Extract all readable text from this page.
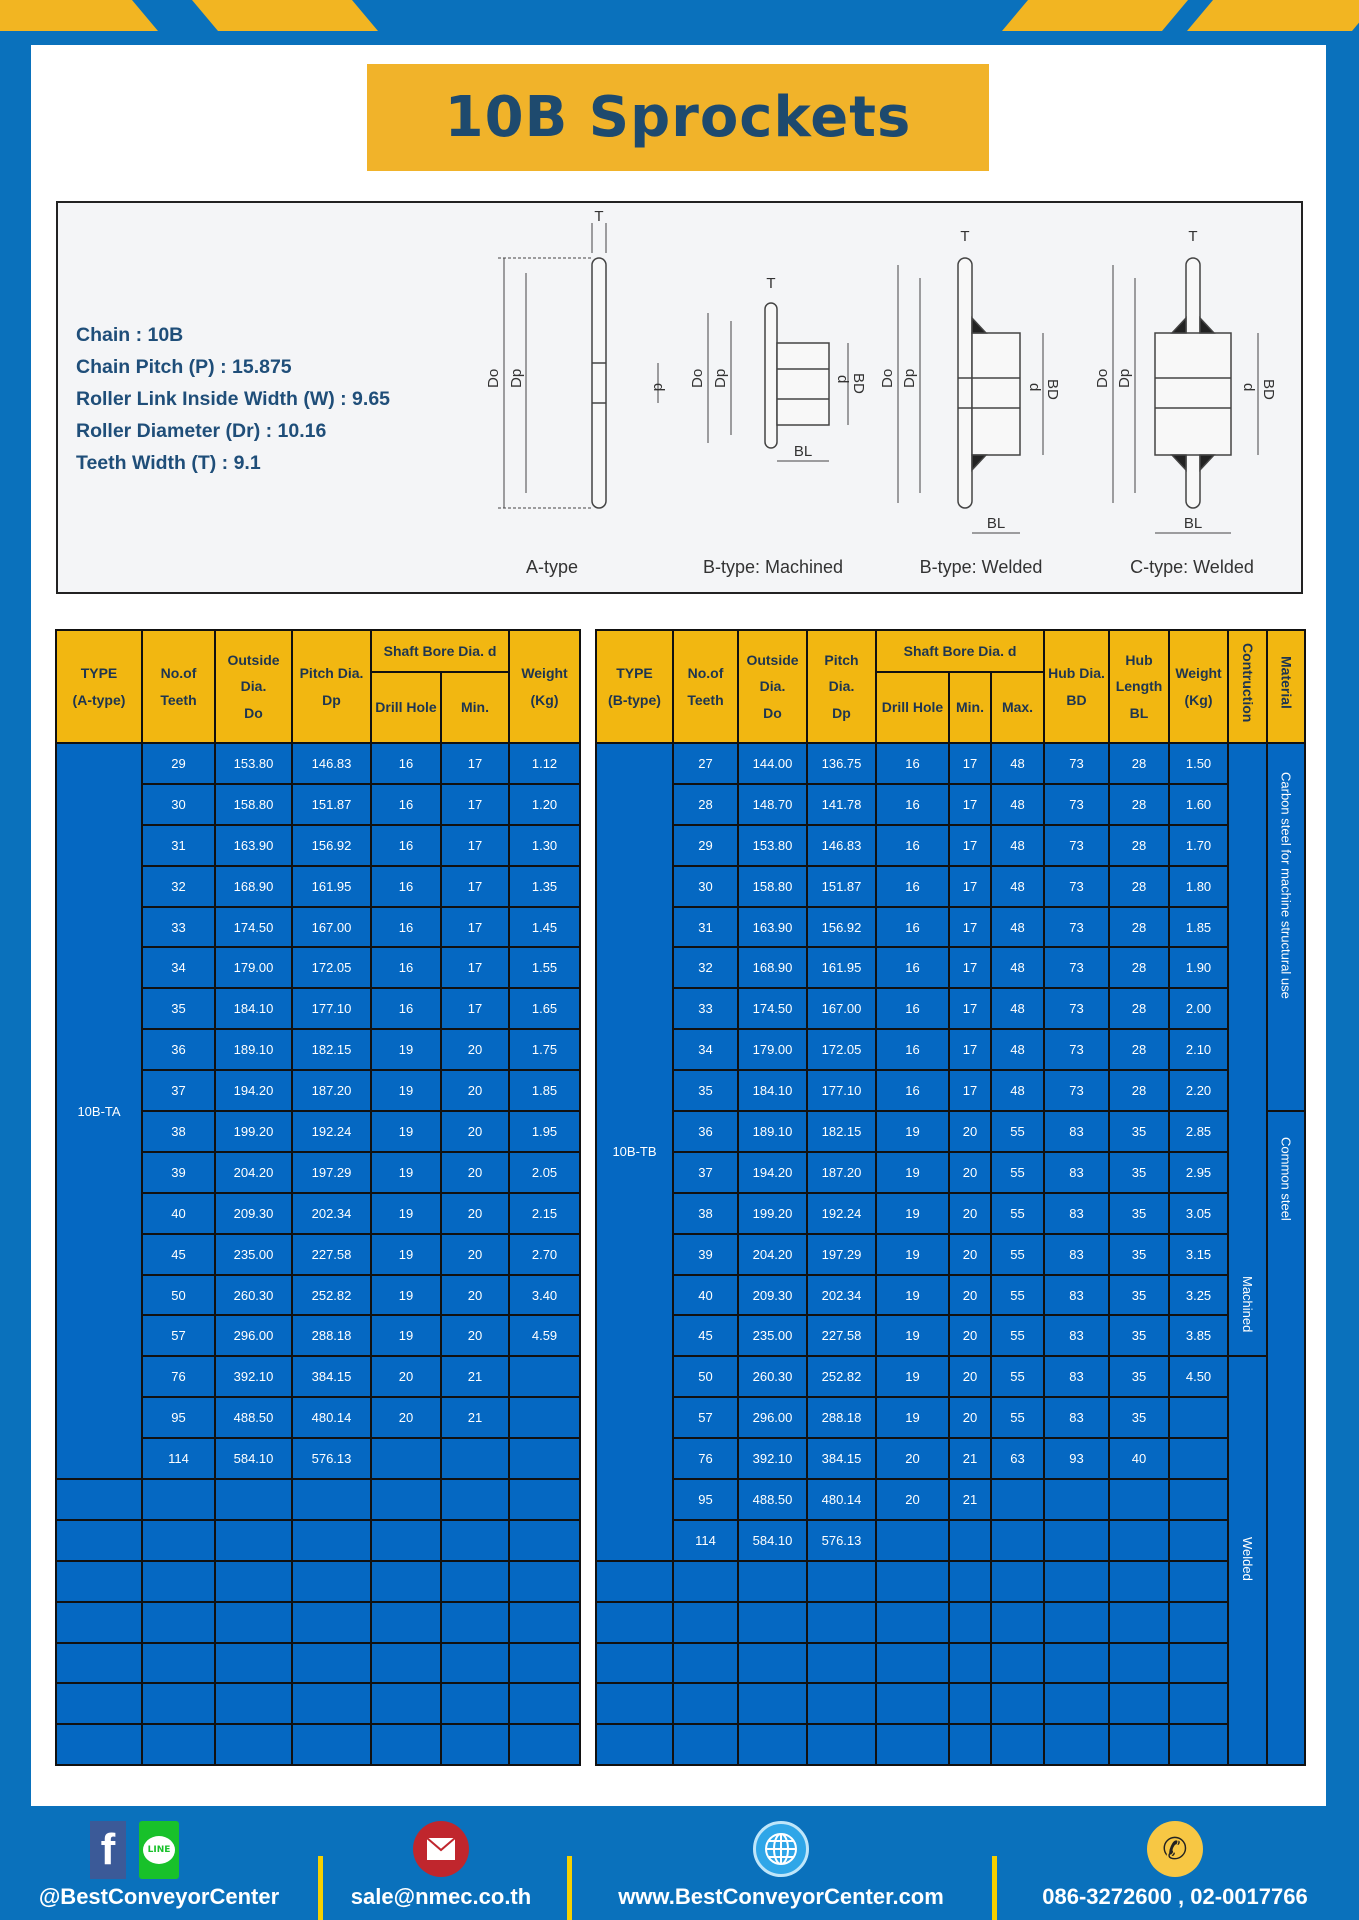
10B Sprockets
Chain : 10B
Chain Pitch (P) : 15.875
Roller Link Inside Width (W) : 9.65
Roller Diameter (Dr) : 10.16
Teeth Width (T) : 9.1
T
Do Dp	d
T
Do Dp	d BD
BL
T
Do Dp	d BD
BL
T
Do Dp	d BD
BL
A-type	B-type: Machined	B-type: Welded	C-type: Welded
TYPE
(A-type)	No.of
Teeth	Outside
Dia.
Do	Pitch Dia.
Dp	Shaft Bore Dia. d		Weight
(Kg)
				Drill Hole	Min.	
10B-TA	29	153.80	146.83	16	17	1.12
	30	158.80	151.87	16	17	1.20
	31	163.90	156.92	16	17	1.30
	32	168.90	161.95	16	17	1.35
	33	174.50	167.00	16	17	1.45
	34	179.00	172.05	16	17	1.55
	35	184.10	177.10	16	17	1.65
	36	189.10	182.15	19	20	1.75
	37	194.20	187.20	19	20	1.85
	38	199.20	192.24	19	20	1.95
	39	204.20	197.29	19	20	2.05
	40	209.30	202.34	19	20	2.15
	45	235.00	227.58	19	20	2.70
	50	260.30	252.82	19	20	3.40
	57	296.00	288.18	19	20	4.59
	76	392.10	384.15	20	21	
	95	488.50	480.14	20	21	
	114	584.10	576.13			

TYPE
(B-type)	No.of
Teeth	Outside
Dia.
Do	Pitch Dia.
Dp	Shaft Bore Dia. d			Hub Dia.
BD	Hub
Length
BL	Weight
(Kg)	Contruction	Material
				Drill Hole	Min.	Max.					
10B-TB	27	144.00	136.75	16	17	48	73	28	1.50	Machined	Carbon steel for machine structural use
	28	148.70	141.78	16	17	48	73	28	1.60		
	29	153.80	146.83	16	17	48	73	28	1.70		
	30	158.80	151.87	16	17	48	73	28	1.80		
	31	163.90	156.92	16	17	48	73	28	1.85		
	32	168.90	161.95	16	17	48	73	28	1.90		
	33	174.50	167.00	16	17	48	73	28	2.00		
	34	179.00	172.05	16	17	48	73	28	2.10		
	35	184.10	177.10	16	17	48	73	28	2.20		
	36	189.10	182.15	19	20	55	83	35	2.85		Common steel
	37	194.20	187.20	19	20	55	83	35	2.95		
	38	199.20	192.24	19	20	55	83	35	3.05		
	39	204.20	197.29	19	20	55	83	35	3.15		
	40	209.30	202.34	19	20	55	83	35	3.25		
	45	235.00	227.58	19	20	55	83	35	3.85		
	50	260.30	252.82	19	20	55	83	35	4.50	Welded	
	57	296.00	288.18	19	20	55	83	35			
	76	392.10	384.15	20	21	63	93	40			
	95	488.50	480.14	20	21						
	114	584.10	576.13								

f	LINE
@BestConveyorCenter	sale@nmec.co.th	www.BestConveyorCenter.com
✆
086-3272600 , 02-0017766
